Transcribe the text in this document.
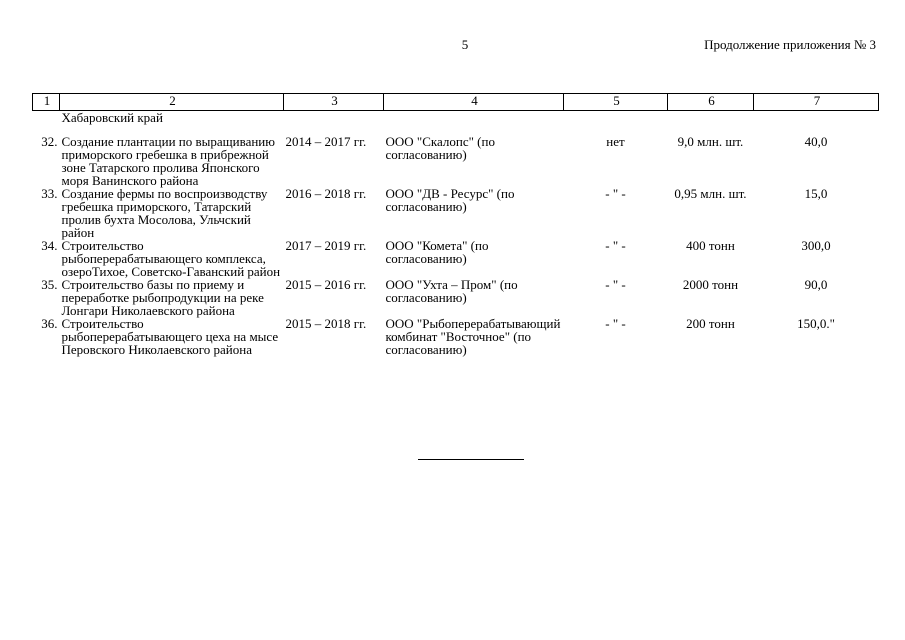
5	Продолжение приложения № 3
1	2	3	4	5	6	7
	Хабаровский край					
32.	Создание плантации по выращиванию приморского гребешка в прибрежной зоне Татарского пролива Японского моря Ванинского района	2014 – 2017 гг.	ООО "Скалопс" (по согласованию)	нет	9,0 млн. шт.	40,0
33.	Создание фермы по воспроизводству гребешка приморского, Татарский пролив бухта Мосолова, Ульчский район	2016 – 2018 гг.	ООО "ДВ - Ресурс" (по согласованию)	- " -	0,95 млн. шт.	15,0
34.	Строительство рыбоперерабатывающего комплекса, озероТихое, Советско-Гаванский район	2017 – 2019 гг.	ООО "Комета" (по согласованию)	- " -	400 тонн	300,0
35.	Строительство базы по приему и переработке рыбопродукции на реке Лонгари Николаевского района	2015 – 2016 гг.	ООО "Ухта – Пром" (по согласованию)	- " -	2000 тонн	90,0
36.	Строительство рыбоперерабатывающего цеха на мысе Перовского Николаевского района	2015 – 2018 гг.	ООО "Рыбоперерабатывающий комбинат "Восточное" (по согласованию)	- " -	200 тонн	150,0."
